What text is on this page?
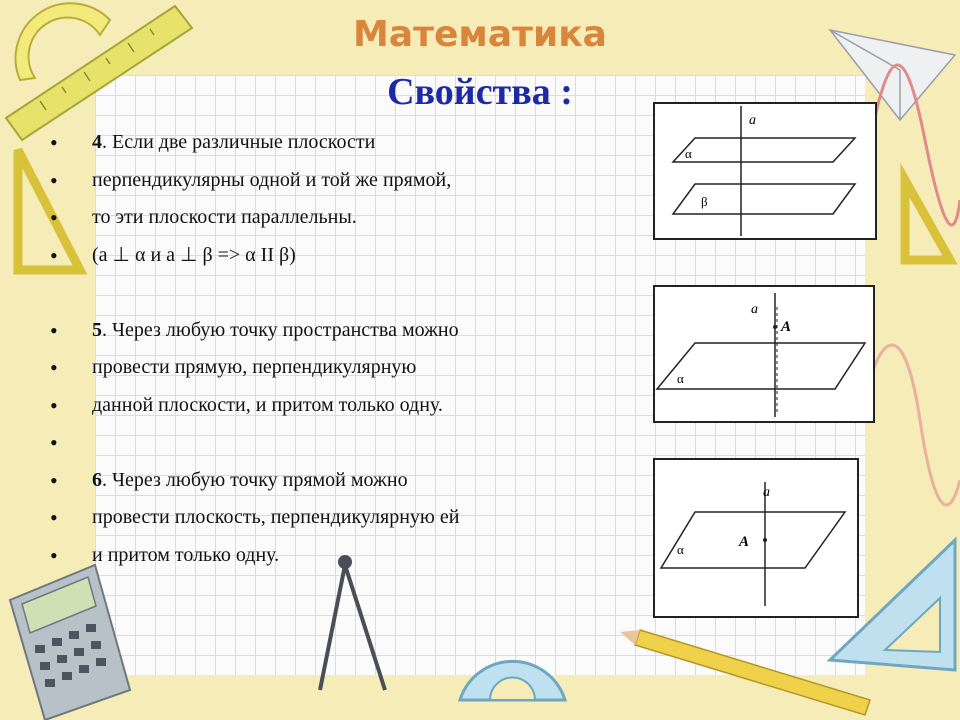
Математика
Свойства :
• 4. Если две различные плоскости
• перпендикулярны одной и той же прямой,
• то эти плоскости параллельны.
• (a ⊥ α и a ⊥ β => α II β)
• 5. Через любую точку пространства можно
• провести прямую, перпендикулярную
• данной плоскости, и притом только одну.
•
• 6. Через любую точку прямой можно
• провести плоскость, перпендикулярную ей
• и притом только одну.
a
α
β
a
A
α
a
A
α
